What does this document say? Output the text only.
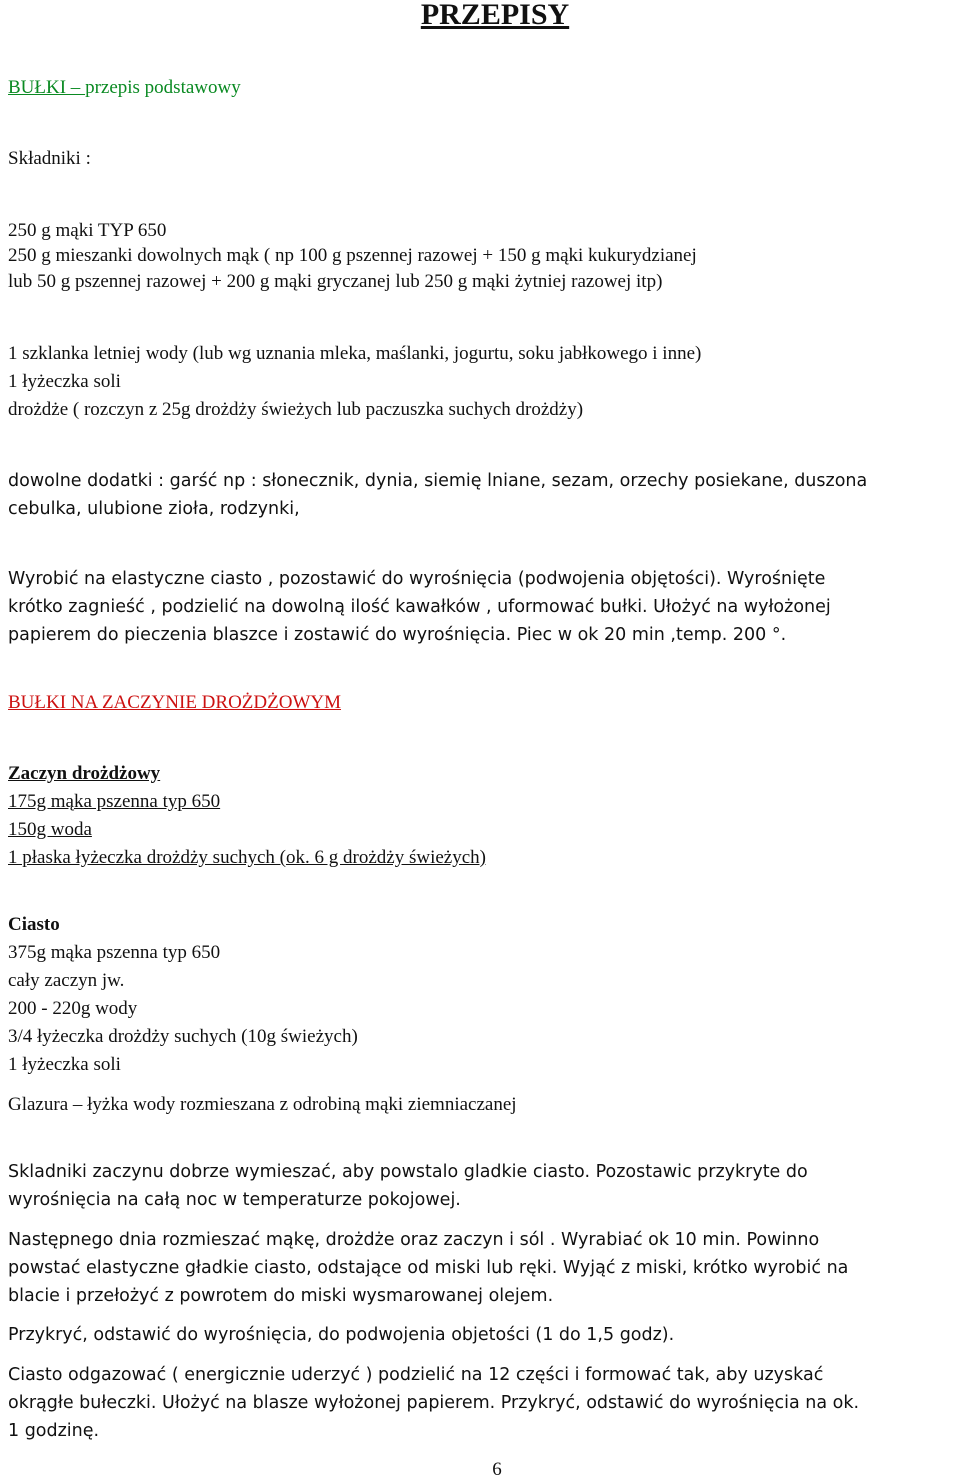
PRZEPISY
BUŁKI – przepis podstawowy
Składniki :
250 g mąki TYP 650
250 g mieszanki dowolnych mąk ( np 100 g pszennej razowej + 150 g mąki kukurydzianej
lub 50 g pszennej razowej + 200 g mąki gryczanej lub 250 g mąki żytniej razowej itp)
1 szklanka letniej wody (lub wg uznania mleka, maślanki, jogurtu, soku jabłkowego i inne)
1 łyżeczka soli
drożdże ( rozczyn z 25g drożdży świeżych lub paczuszka suchych drożdży)
dowolne dodatki : garść np : słonecznik, dynia, siemię lniane, sezam, orzechy posiekane, duszona
cebulka, ulubione zioła, rodzynki,
Wyrobić na elastyczne ciasto , pozostawić do wyrośnięcia (podwojenia objętości). Wyrośnięte
krótko zagnieść , podzielić na dowolną ilość kawałków , uformować bułki. Ułożyć na wyłożonej
papierem do pieczenia blaszce i zostawić do wyrośnięcia. Piec w ok 20 min ,temp. 200 °.
BUŁKI NA ZACZYNIE DROŻDŻOWYM
Zaczyn drożdżowy
175g mąka pszenna typ 650
150g woda
1 płaska łyżeczka drożdży suchych (ok. 6 g drożdży świeżych)
Ciasto
375g mąka pszenna typ 650
cały zaczyn jw.
200 - 220g wody
3/4 łyżeczka drożdży suchych (10g świeżych)
1 łyżeczka soli
Glazura – łyżka wody rozmieszana z odrobiną mąki ziemniaczanej
Skladniki zaczynu dobrze wymieszać, aby powstalo gladkie ciasto. Pozostawic przykryte do
wyrośnięcia na całą noc w temperaturze pokojowej.
Następnego dnia rozmieszać mąkę, drożdże oraz zaczyn i sól . Wyrabiać ok 10 min. Powinno
powstać elastyczne gładkie ciasto, odstające od miski lub ręki. Wyjąć z miski, krótko wyrobić na
blacie i przełożyć z powrotem do miski wysmarowanej olejem.
Przykryć, odstawić do wyrośnięcia, do podwojenia objetości (1 do 1,5 godz).
Ciasto odgazować ( energicznie uderzyć ) podzielić na 12 części i formować tak, aby uzyskać
okrągłe bułeczki. Ułożyć na blasze wyłożonej papierem. Przykryć, odstawić do wyrośnięcia na ok.
1 godzinę.
6
